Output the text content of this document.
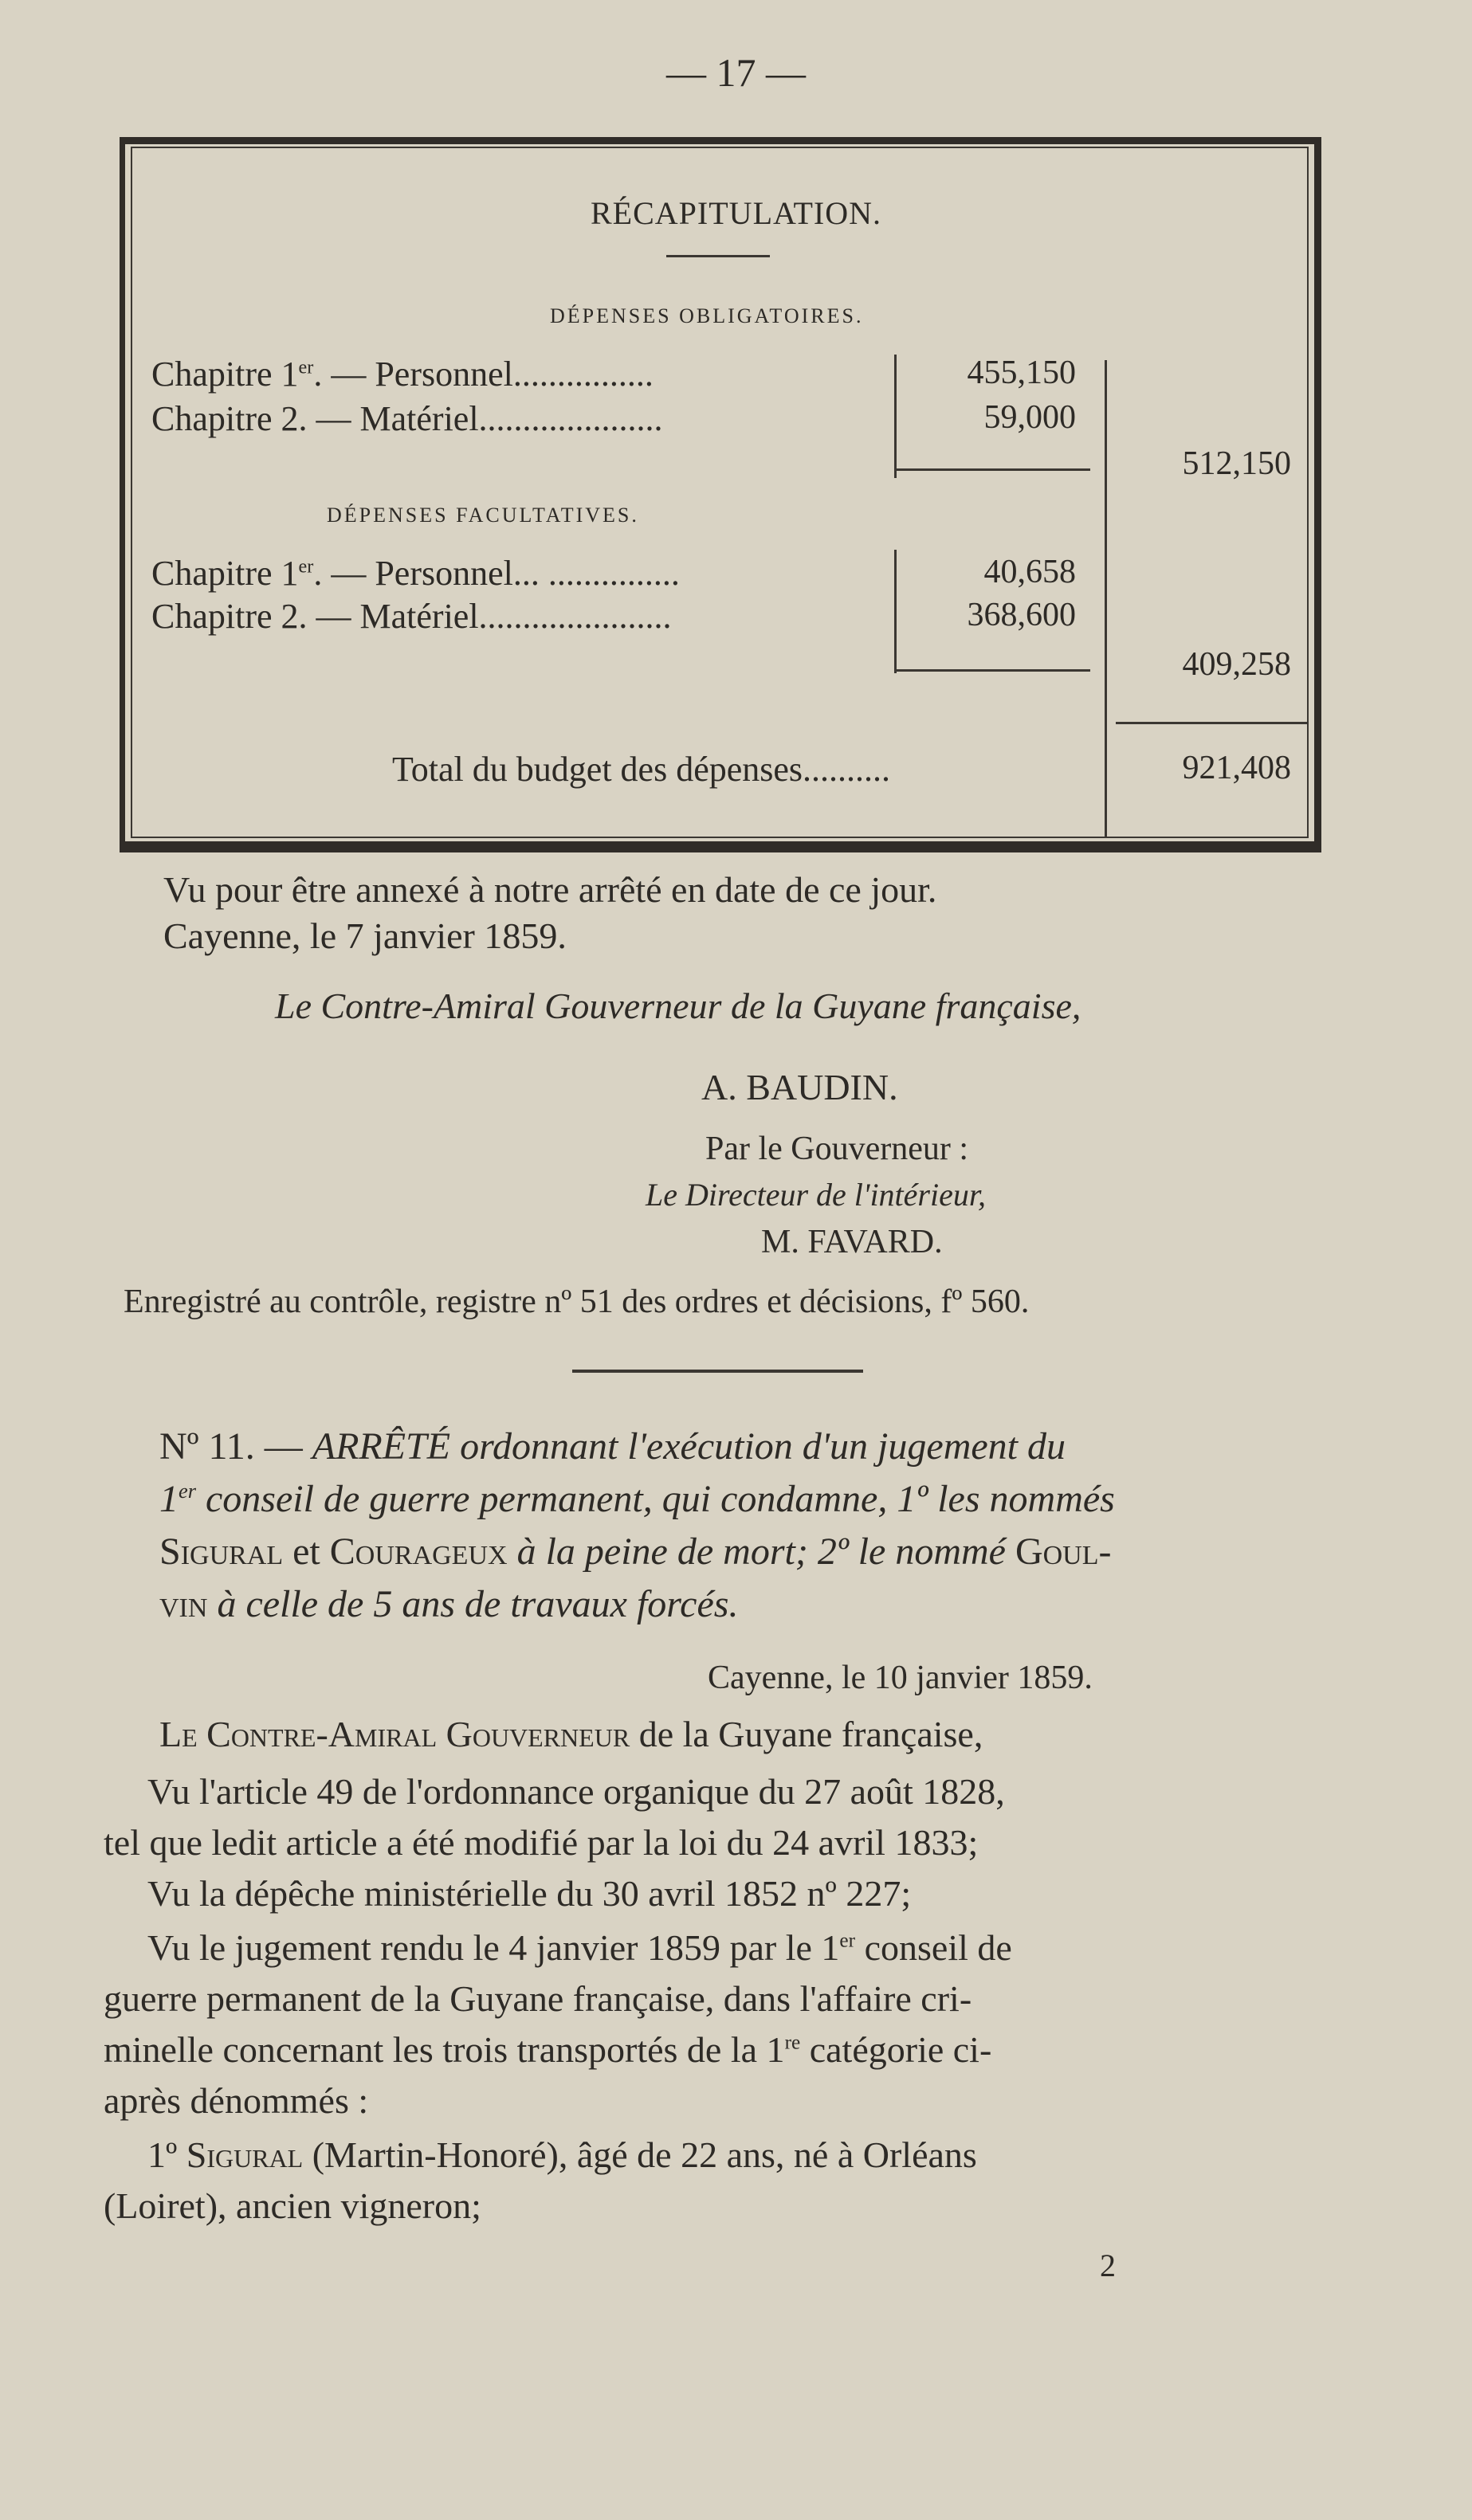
— 17 —
RÉCAPITULATION.
DÉPENSES OBLIGATOIRES.
Chapitre 1er. — Personnel................	455,150
Chapitre 2. — Matériel.....................	59,000
512,150
DÉPENSES FACULTATIVES.
Chapitre 1er. — Personnel... ...............	40,658
Chapitre 2. — Matériel......................	368,600
409,258
Total du budget des dépenses..........	921,408
Vu pour être annexé à notre arrêté en date de ce jour.
Cayenne, le 7 janvier 1859.
Le Contre-Amiral Gouverneur de la Guyane française,
A. BAUDIN.
Par le Gouverneur :
Le Directeur de l'intérieur,
M. FAVARD.
Enregistré au contrôle, registre nº 51 des ordres et décisions, fº 560.
Nº 11. — ARRÊTÉ ordonnant l'exécution d'un jugement du
1er conseil de guerre permanent, qui condamne, 1º les nommés
Sigural et Courageux à la peine de mort; 2º le nommé Goul-
vin à celle de 5 ans de travaux forcés.
Cayenne, le 10 janvier 1859.
Le Contre-Amiral Gouverneur de la Guyane française,
Vu l'article 49 de l'ordonnance organique du 27 août 1828,
tel que ledit article a été modifié par la loi du 24 avril 1833;
Vu la dépêche ministérielle du 30 avril 1852 nº 227;
Vu le jugement rendu le 4 janvier 1859 par le 1er conseil de
guerre permanent de la Guyane française, dans l'affaire cri-
minelle concernant les trois transportés de la 1re catégorie ci-
après dénommés :
1º Sigural (Martin-Honoré), âgé de 22 ans, né à Orléans
(Loiret), ancien vigneron;
2
